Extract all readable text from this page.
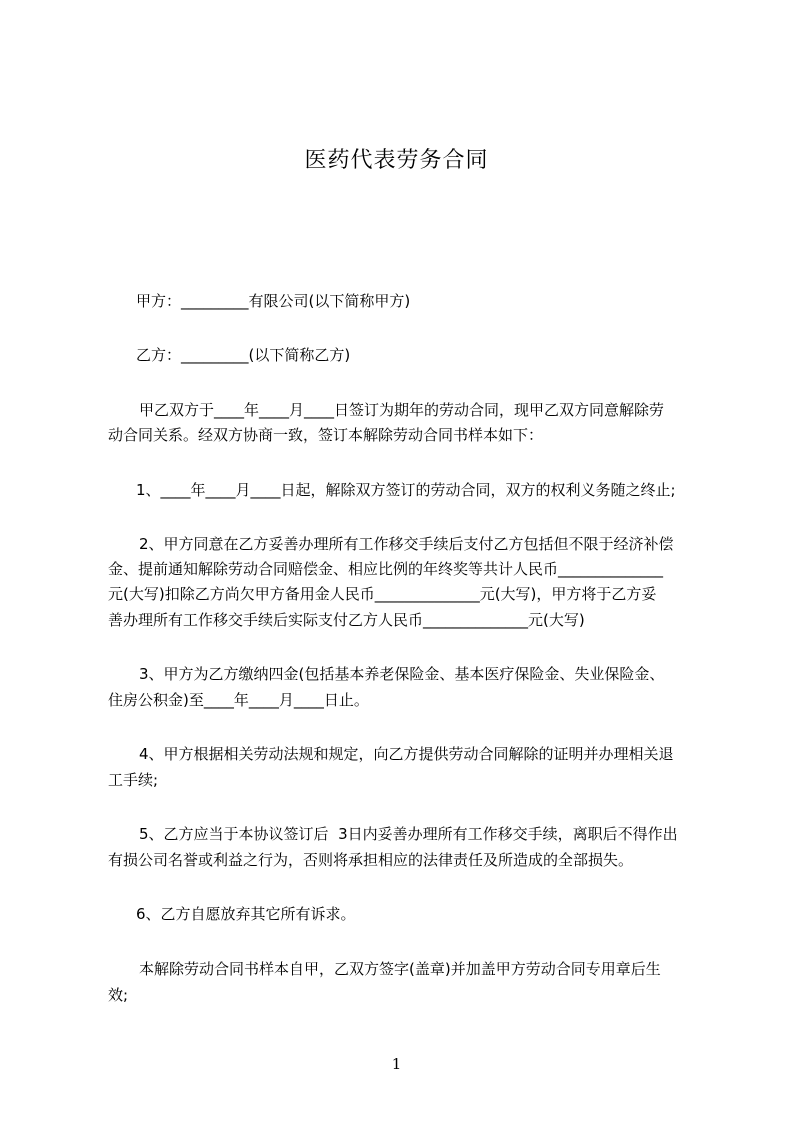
医药代表劳务合同
甲方：_________有限公司(以下简称甲方)
乙方：_________(以下简称乙方)
甲乙双方于____年____月____日签订为期年的劳动合同，现甲乙双方同意解除劳
动合同关系。经双方协商一致，签订本解除劳动合同书样本如下：
1、____年____月____日起，解除双方签订的劳动合同，双方的权利义务随之终止;
2、甲方同意在乙方妥善办理所有工作移交手续后支付乙方包括但不限于经济补偿
金、提前通知解除劳动合同赔偿金、相应比例的年终奖等共计人民币______________
元(大写)扣除乙方尚欠甲方备用金人民币______________元(大写)，甲方将于乙方妥
善办理所有工作移交手续后实际支付乙方人民币______________元(大写)
3、甲方为乙方缴纳四金(包括基本养老保险金、基本医疗保险金、失业保险金、
住房公积金)至____年____月____日止。
4、甲方根据相关劳动法规和规定，向乙方提供劳动合同解除的证明并办理相关退
工手续;
5、乙方应当于本协议签订后  3日内妥善办理所有工作移交手续，离职后不得作出
有损公司名誉或利益之行为，否则将承担相应的法律责任及所造成的全部损失。
6、乙方自愿放弃其它所有诉求。
本解除劳动合同书样本自甲，乙双方签字(盖章)并加盖甲方劳动合同专用章后生
效;
1
